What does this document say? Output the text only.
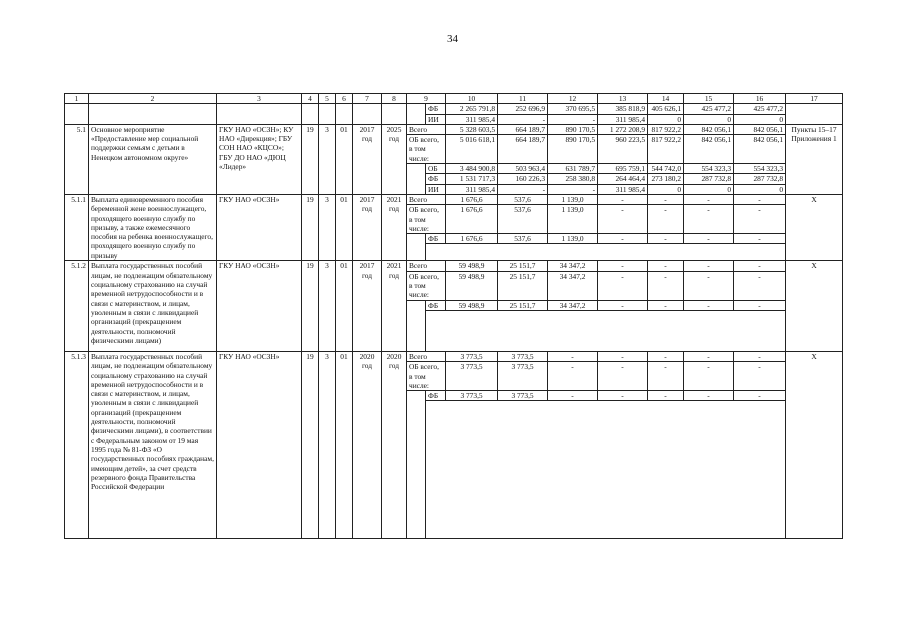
34
1	2	3	4	5	6	7	8	9		10	11	12	13	14	15	16	17
									ФБ	2 265 791,8	252 696,9	370 695,5	385 818,9	405 626,1	425 477,2	425 477,2	
									ИИ	311 985,4	-	-	311 985,4	0	0	0	
5.1	Основное мероприятие «Предоставление мер социальной поддержки семьям с детьми в Ненецком автономном округе»	ГКУ НАО «ОСЗН»; КУ НАО «Дирекция»; ГБУ СОН НАО «КЦСО»; ГБУ ДО НАО «ДЮЦ «Лидер»	19	3	01	2017 год	2025 год	Всего		5 328 603,5	664 189,7	890 170,5	1 272 208,9	817 922,2	842 056,1	842 056,1	Пункты 15–17 Приложения 1
								ОБ всего, в том числе:		5 016 618,1	664 189,7	890 170,5	960 223,5	817 922,2	842 056,1	842 056,1	
									ОБ	3 484 900,8	503 963,4	631 789,7	695 759,1	544 742,0	554 323,3	554 323,3	
									ФБ	1 531 717,3	160 226,3	258 380,8	264 464,4	273 180,2	287 732,8	287 732,8	
									ИИ	311 985,4	-	-	311 985,4	0	0	0	
5.1.1	Выплата единовременного пособия беременной жене военнослужащего, проходящего военную службу по призыву, а также ежемесячного пособия на ребенка военнослужащего, проходящего военную службу по призыву	ГКУ НАО «ОСЗН»	19	3	01	2017 год	2021 год	Всего		1 676,6	537,6	1 139,0	-	-	-	-	Х
								ОБ всего, в том числе:		1 676,6	537,6	1 139,0	-	-	-	-	
									ФБ	1 676,6	537,6	1 139,0	-	-	-	-	

5.1.2	Выплата государственных пособий лицам, не подлежащим обязательному социальному страхованию на случай временной нетрудоспособности и в связи с материнством, и лицам, уволенным в связи с ликвидацией организаций (прекращением деятельности, полномочий физическими лицами)	ГКУ НАО «ОСЗН»	19	3	01	2017 год	2021 год	Всего		59 498,9	25 151,7	34 347,2	-	-	-	-	Х
								ОБ всего, в том числе:		59 498,9	25 151,7	34 347,2	-	-	-	-	
									ФБ	59 498,9	25 151,7	34 347,2	-	-	-	-	

5.1.3	Выплата государственных пособий лицам, не подлежащим обязательному социальному страхованию на случай временной нетрудоспособности и в связи с материнством, и лицам, уволенным в связи с ликвидацией организаций (прекращением деятельности, полномочий физическими лицами), в соответствии с Федеральным законом от 19 мая 1995 года № 81-ФЗ «О государственных пособиях гражданам, имеющим детей», за счет средств резервного фонда Правительства Российской Федерации	ГКУ НАО «ОСЗН»	19	3	01	2020 год	2020 год	Всего		3 773,5	3 773,5	-	-	-	-	-	Х
								ОБ всего, в том числе:		3 773,5	3 773,5	-	-	-	-	-	
									ФБ	3 773,5	3 773,5	-	-	-	-	-	
